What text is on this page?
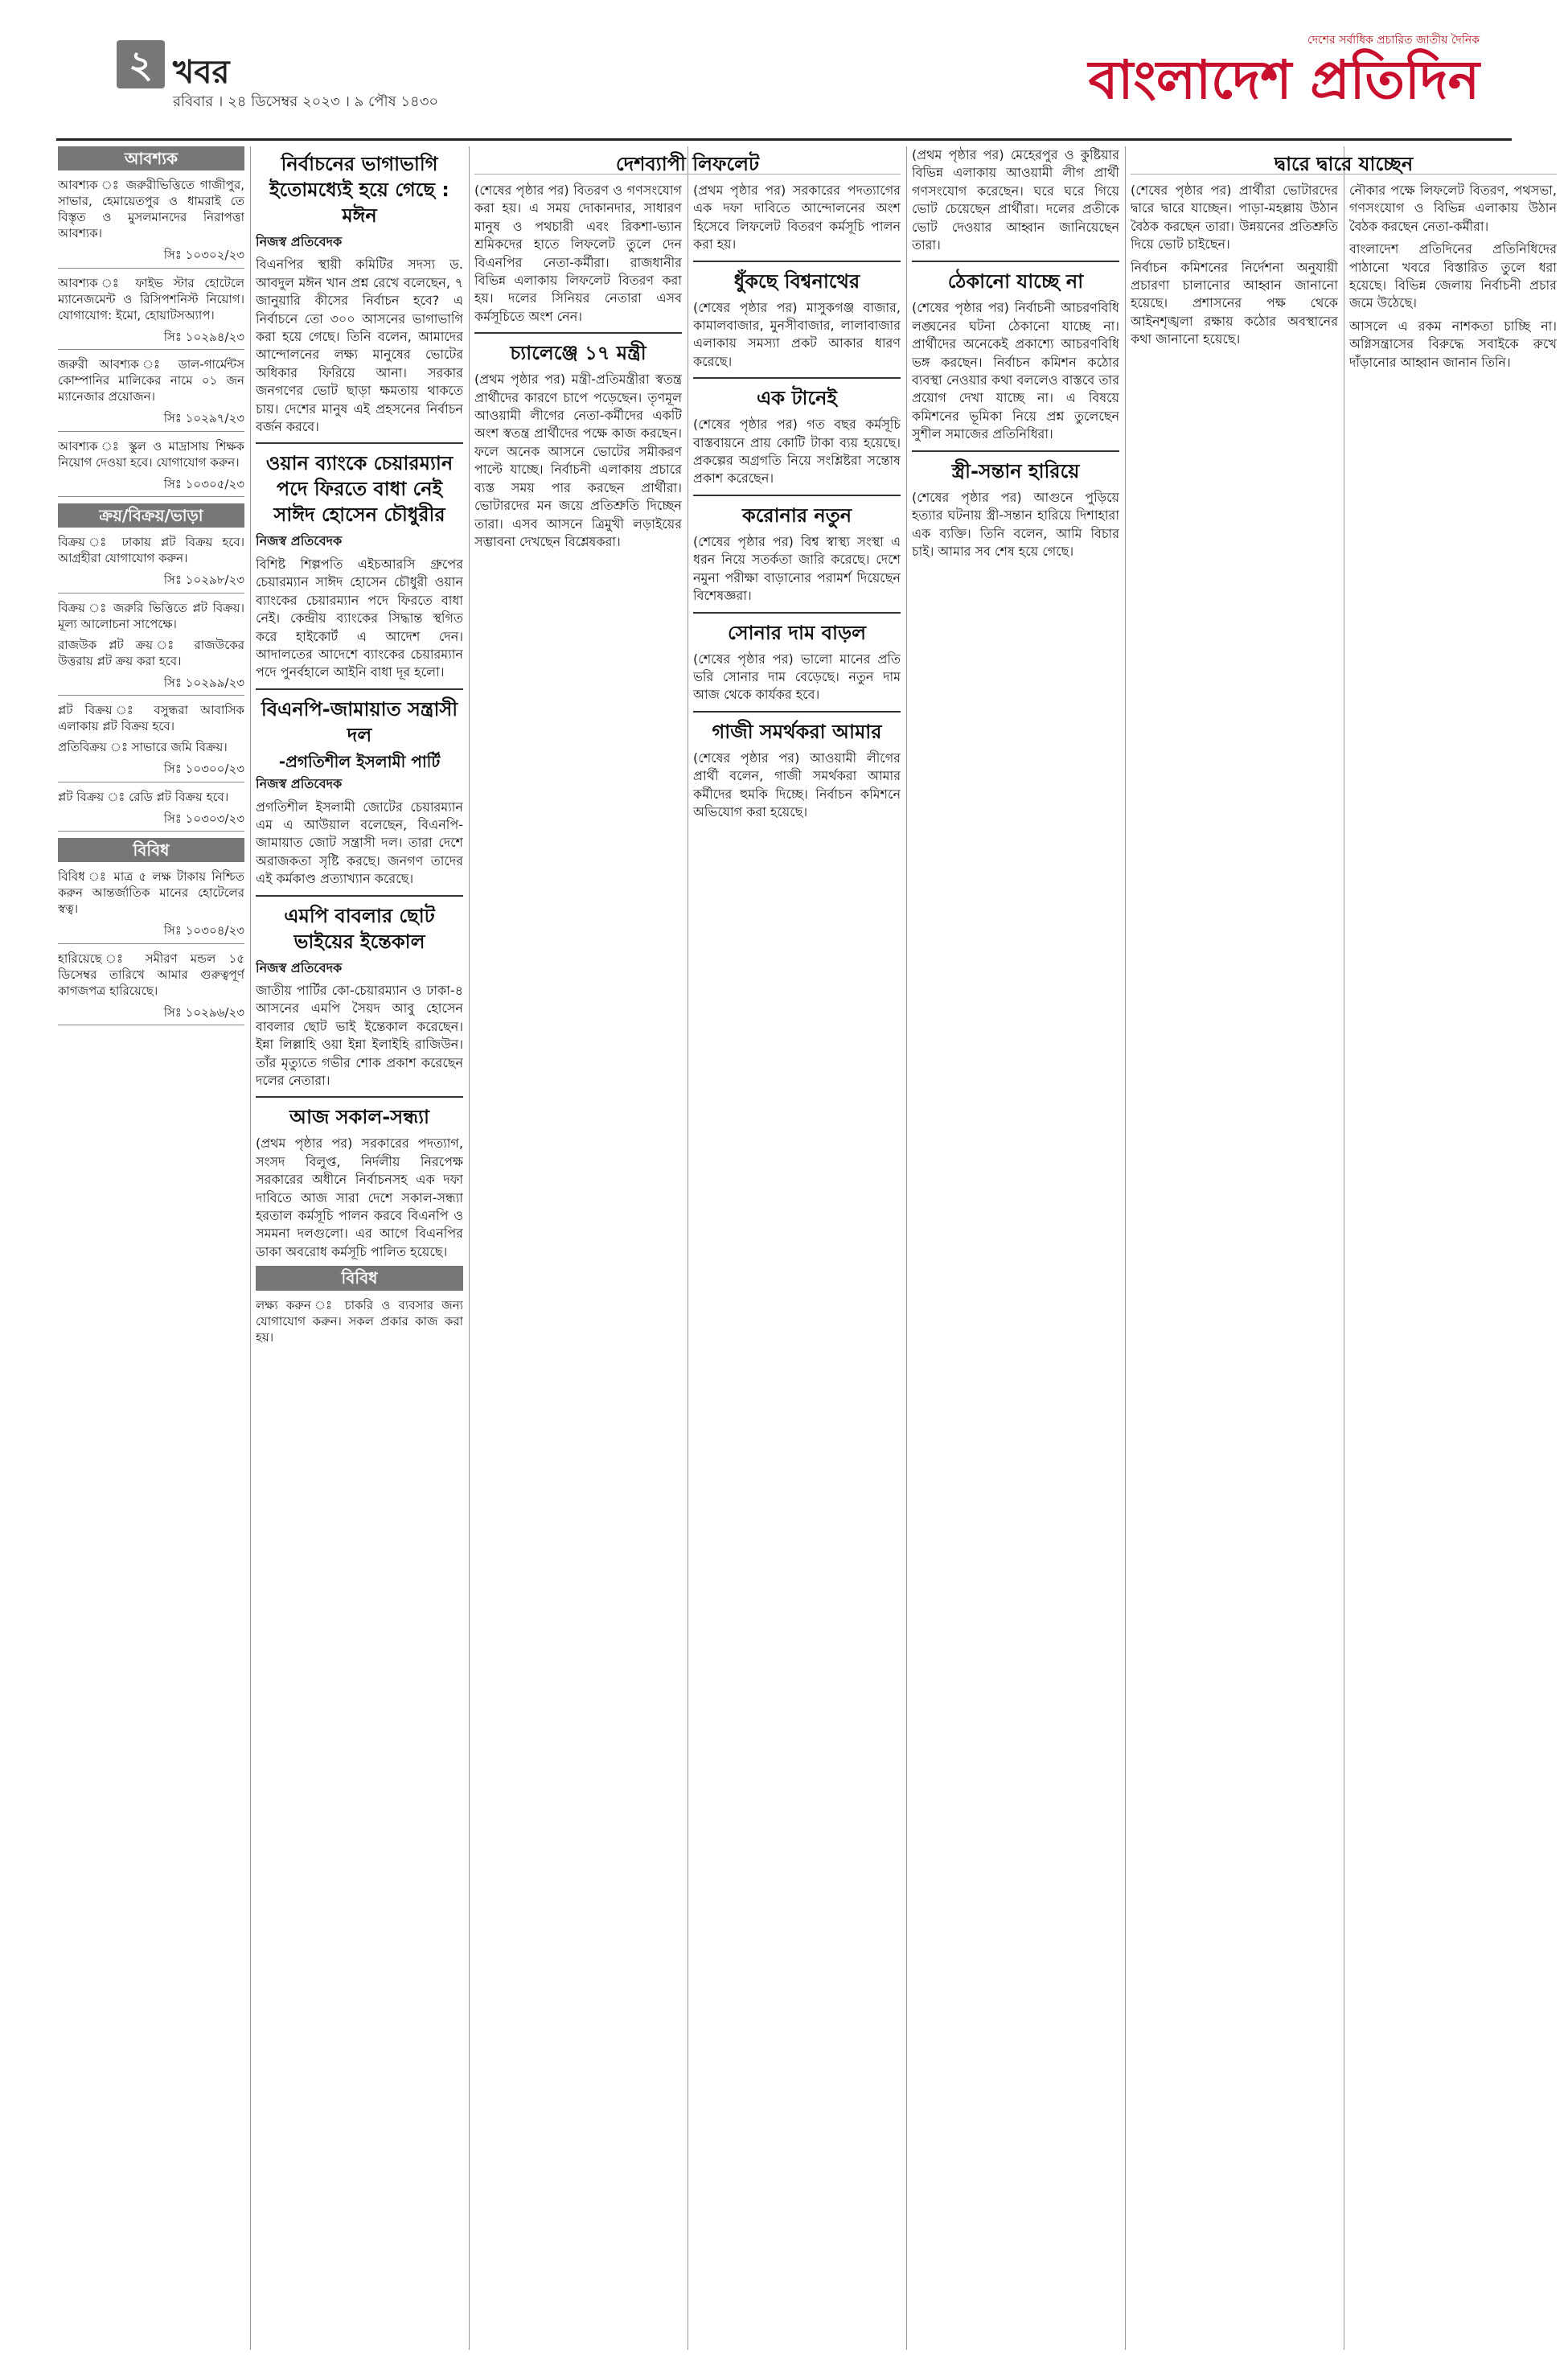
২ খবর
রবিবার । ২৪ ডিসেম্বর ২০২৩ । ৯ পৌষ ১৪৩০
দেশের সর্বাধিক প্রচারিত জাতীয় দৈনিক
বাংলাদেশ প্রতিদিন
আবশ্যক

আবশ্যক ঃ জরুরীভিত্তিতে গাজীপুর, সাভার, হেমায়েতপুর ও ধামরাই তে বিস্তৃত ও মুসলমানদের নিরাপত্তা আবশ্যক।

সিঃ ১০৩০২/২৩

আবশ্যক ঃ ফাইভ স্টার হোটেলে ম্যানেজমেন্ট ও রিসিপশনিস্ট নিয়োগ। যোগাযোগ: ইমো, হোয়াটসঅ্যাপ।

সিঃ ১০২৯৪/২৩

জরুরী আবশ্যক ঃ ডাল-গার্মেন্টস কোম্পানির মালিকের নামে ০১ জন ম্যানেজার প্রয়োজন।

সিঃ ১০২৯৭/২৩

আবশ্যক ঃ স্কুল ও মাদ্রাসায় শিক্ষক নিয়োগ দেওয়া হবে। যোগাযোগ করুন।

সিঃ ১০৩০৫/২৩
ক্রয়/বিক্রয়/ভাড়া

বিক্রয় ঃ ঢাকায় প্লট বিক্রয় হবে। আগ্রহীরা যোগাযোগ করুন।

সিঃ ১০২৯৮/২৩

বিক্রয় ঃ জরুরি ভিত্তিতে প্লট বিক্রয়। মূল্য আলোচনা সাপেক্ষে।

রাজউক প্লট ক্রয় ঃ রাজউকের উত্তরায় প্লট ক্রয় করা হবে।

সিঃ ১০২৯৯/২৩

প্লট বিক্রয় ঃ বসুন্ধরা আবাসিক এলাকায় প্লট বিক্রয় হবে।

প্রতিবিক্রয় ঃ সাভারে জমি বিক্রয়।

সিঃ ১০৩০০/২৩

প্লট বিক্রয় ঃ রেডি প্লট বিক্রয় হবে।

সিঃ ১০৩০৩/২৩
বিবিধ

বিবিধ ঃ মাত্র ৫ লক্ষ টাকায় নিশ্চিত করুন আন্তর্জাতিক মানের হোটেলের স্বত্ব।

সিঃ ১০৩০৪/২৩

হারিয়েছে ঃ সমীরণ মন্ডল ১৫ ডিসেম্বর তারিখে আমার গুরুত্বপূর্ণ কাগজপত্র হারিয়েছে।

সিঃ ১০২৯৬/২৩
নির্বাচনের ভাগাভাগি ইতোমধ্যেই হয়ে গেছে : মঈন
নিজস্ব প্রতিবেদক

বিএনপির স্থায়ী কমিটির সদস্য ড. আবদুল মঈন খান প্রশ্ন রেখে বলেছেন, ৭ জানুয়ারি কীসের নির্বাচন হবে? এ নির্বাচনে তো ৩০০ আসনের ভাগাভাগি করা হয়ে গেছে। তিনি বলেন, আমাদের আন্দোলনের লক্ষ্য মানুষের ভোটের অধিকার ফিরিয়ে আনা। সরকার জনগণের ভোট ছাড়া ক্ষমতায় থাকতে চায়। দেশের মানুষ এই প্রহসনের নির্বাচন বর্জন করবে।

ওয়ান ব্যাংকে চেয়ারম্যান পদে ফিরতে বাধা নেই সাঈদ হোসেন চৌধুরীর
নিজস্ব প্রতিবেদক

বিশিষ্ট শিল্পপতি এইচআরসি গ্রুপের চেয়ারম্যান সাঈদ হোসেন চৌধুরী ওয়ান ব্যাংকের চেয়ারম্যান পদে ফিরতে বাধা নেই। কেন্দ্রীয় ব্যাংকের সিদ্ধান্ত স্থগিত করে হাইকোর্ট এ আদেশ দেন। আদালতের আদেশে ব্যাংকের চেয়ারম্যান পদে পুনর্বহালে আইনি বাধা দূর হলো।

বিএনপি-জামায়াত সন্ত্রাসী দল
-প্রগতিশীল ইসলামী পার্টি
নিজস্ব প্রতিবেদক

প্রগতিশীল ইসলামী জোটের চেয়ারম্যান এম এ আউয়াল বলেছেন, বিএনপি-জামায়াত জোট সন্ত্রাসী দল। তারা দেশে অরাজকতা সৃষ্টি করছে। জনগণ তাদের এই কর্মকাণ্ড প্রত্যাখ্যান করেছে।

এমপি বাবলার ছোট ভাইয়ের ইন্তেকাল
নিজস্ব প্রতিবেদক

জাতীয় পার্টির কো-চেয়ারম্যান ও ঢাকা-৪ আসনের এমপি সৈয়দ আবু হোসেন বাবলার ছোট ভাই ইন্তেকাল করেছেন। ইন্না লিল্লাহি ওয়া ইন্না ইলাইহি রাজিউন। তাঁর মৃত্যুতে গভীর শোক প্রকাশ করেছেন দলের নেতারা।

আজ সকাল-সন্ধ্যা

(প্রথম পৃষ্ঠার পর) সরকারের পদত্যাগ, সংসদ বিলুপ্ত, নির্দলীয় নিরপেক্ষ সরকারের অধীনে নির্বাচনসহ এক দফা দাবিতে আজ সারা দেশে সকাল-সন্ধ্যা হরতাল কর্মসূচি পালন করবে বিএনপি ও সমমনা দলগুলো। এর আগে বিএনপির ডাকা অবরোধ কর্মসূচি পালিত হয়েছে।

বিবিধ

লক্ষ্য করুন ঃ চাকরি ও ব্যবসার জন্য যোগাযোগ করুন। সকল প্রকার কাজ করা হয়।

দেশব্যাপী লিফলেট

(শেষের পৃষ্ঠার পর) বিতরণ ও গণসংযোগ করা হয়। এ সময় দোকানদার, সাধারণ মানুষ ও পথচারী এবং রিকশা-ভ্যান শ্রমিকদের হাতে লিফলেট তুলে দেন বিএনপির নেতা-কর্মীরা। রাজধানীর বিভিন্ন এলাকায় লিফলেট বিতরণ করা হয়। দলের সিনিয়র নেতারা এসব কর্মসূচিতে অংশ নেন।

চ্যালেঞ্জে ১৭ মন্ত্রী

(প্রথম পৃষ্ঠার পর) মন্ত্রী-প্রতিমন্ত্রীরা স্বতন্ত্র প্রার্থীদের কারণে চাপে পড়েছেন। তৃণমূল আওয়ামী লীগের নেতা-কর্মীদের একটি অংশ স্বতন্ত্র প্রার্থীদের পক্ষে কাজ করছেন। ফলে অনেক আসনে ভোটের সমীকরণ পাল্টে যাচ্ছে। নির্বাচনী এলাকায় প্রচারে ব্যস্ত সময় পার করছেন প্রার্থীরা। ভোটারদের মন জয়ে প্রতিশ্রুতি দিচ্ছেন তারা। এসব আসনে ত্রিমুখী লড়াইয়ের সম্ভাবনা দেখছেন বিশ্লেষকরা।

(প্রথম পৃষ্ঠার পর) সরকারের পদত্যাগের এক দফা দাবিতে আন্দোলনের অংশ হিসেবে লিফলেট বিতরণ কর্মসূচি পালন করা হয়।

ধুঁকছে বিশ্বনাথের

(শেষের পৃষ্ঠার পর) মাসুকগঞ্জ বাজার, কামালবাজার, মুনসীবাজার, লালাবাজার এলাকায় সমস্যা প্রকট আকার ধারণ করেছে।

এক টানেই

(শেষের পৃষ্ঠার পর) গত বছর কর্মসূচি বাস্তবায়নে প্রায় কোটি টাকা ব্যয় হয়েছে। প্রকল্পের অগ্রগতি নিয়ে সংশ্লিষ্টরা সন্তোষ প্রকাশ করেছেন।

করোনার নতুন

(শেষের পৃষ্ঠার পর) বিশ্ব স্বাস্থ্য সংস্থা এ ধরন নিয়ে সতর্কতা জারি করেছে। দেশে নমুনা পরীক্ষা বাড়ানোর পরামর্শ দিয়েছেন বিশেষজ্ঞরা।

সোনার দাম বাড়ল

(শেষের পৃষ্ঠার পর) ভালো মানের প্রতি ভরি সোনার দাম বেড়েছে। নতুন দাম আজ থেকে কার্যকর হবে।

গাজী সমর্থকরা আমার

(শেষের পৃষ্ঠার পর) আওয়ামী লীগের প্রার্থী বলেন, গাজী সমর্থকরা আমার কর্মীদের হুমকি দিচ্ছে। নির্বাচন কমিশনে অভিযোগ করা হয়েছে।

(প্রথম পৃষ্ঠার পর) মেহেরপুর ও কুষ্টিয়ার বিভিন্ন এলাকায় আওয়ামী লীগ প্রার্থী গণসংযোগ করেছেন। ঘরে ঘরে গিয়ে ভোট চেয়েছেন প্রার্থীরা। দলের প্রতীকে ভোট দেওয়ার আহ্বান জানিয়েছেন তারা।

ঠেকানো যাচ্ছে না

(শেষের পৃষ্ঠার পর) নির্বাচনী আচরণবিধি লঙ্ঘনের ঘটনা ঠেকানো যাচ্ছে না। প্রার্থীদের অনেকেই প্রকাশ্যে আচরণবিধি ভঙ্গ করছেন। নির্বাচন কমিশন কঠোর ব্যবস্থা নেওয়ার কথা বললেও বাস্তবে তার প্রয়োগ দেখা যাচ্ছে না। এ বিষয়ে কমিশনের ভূমিকা নিয়ে প্রশ্ন তুলেছেন সুশীল সমাজের প্রতিনিধিরা।

স্ত্রী-সন্তান হারিয়ে

(শেষের পৃষ্ঠার পর) আগুনে পুড়িয়ে হত্যার ঘটনায় স্ত্রী-সন্তান হারিয়ে দিশাহারা এক ব্যক্তি। তিনি বলেন, আমি বিচার চাই। আমার সব শেষ হয়ে গেছে।

দ্বারে দ্বারে যাচ্ছেন

(শেষের পৃষ্ঠার পর) প্রার্থীরা ভোটারদের দ্বারে দ্বারে যাচ্ছেন। পাড়া-মহল্লায় উঠান বৈঠক করছেন তারা। উন্নয়নের প্রতিশ্রুতি দিয়ে ভোট চাইছেন।

নির্বাচন কমিশনের নির্দেশনা অনুযায়ী প্রচারণা চালানোর আহ্বান জানানো হয়েছে। প্রশাসনের পক্ষ থেকে আইনশৃঙ্খলা রক্ষায় কঠোর অবস্থানের কথা জানানো হয়েছে।

নৌকার পক্ষে লিফলেট বিতরণ, পথসভা, গণসংযোগ ও বিভিন্ন এলাকায় উঠান বৈঠক করছেন নেতা-কর্মীরা।

বাংলাদেশ প্রতিদিনের প্রতিনিধিদের পাঠানো খবরে বিস্তারিত তুলে ধরা হয়েছে। বিভিন্ন জেলায় নির্বাচনী প্রচার জমে উঠেছে।

আসলে এ রকম নাশকতা চাচ্ছি না। অগ্নিসন্ত্রাসের বিরুদ্ধে সবাইকে রুখে দাঁড়ানোর আহ্বান জানান তিনি।
